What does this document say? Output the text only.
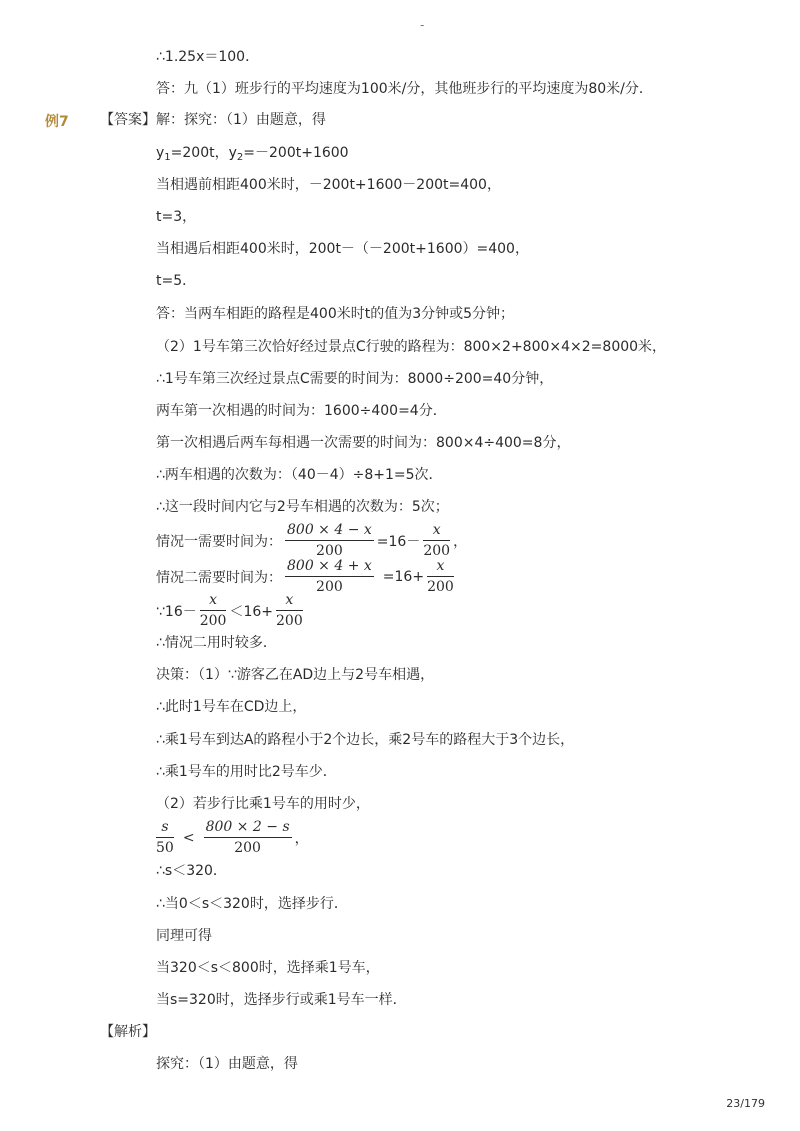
-
∴1.25x＝100．
答：九（1）班步行的平均速度为100米/分，其他班步行的平均速度为80米/分．
例7 【答案】 解：探究：（1）由题意，得
$y_1=200t$，$y_2=-200t+1600$
当相遇前相距400米时，－200t+1600－200t=400，
t=3，
当相遇后相距400米时，200t－（－200t+1600）=400，
t=5．
答：当两车相距的路程是400米时t的值为3分钟或5分钟；
（2）1号车第三次恰好经过景点C行驶的路程为：800×2+800×4×2=8000米，
∴1号车第三次经过景点C需要的时间为：8000÷200=40分钟，
两车第一次相遇的时间为：1600÷400=4分．
第一次相遇后两车每相遇一次需要的时间为：800×4÷400=8分，
∴两车相遇的次数为：（40－4）÷8+1=5次．
∴这一段时间内它与2号车相遇的次数为：5次；
情况一需要时间为： $\frac{800 \times 4 - x}{200} =16- \frac{x}{200}$ ，
情况二需要时间为： $\frac{800 \times 4 + x}{200} =16+ \frac{x}{200}$
∵16－ $\frac{x}{200} <16+ \frac{x}{200}$
∴情况二用时较多．
决策：（1）∵游客乙在AD边上与2号车相遇，
∴此时1号车在CD边上，
∴乘1号车到达A的路程小于2个边长，乘2号车的路程大于3个边长，
∴乘1号车的用时比2号车少．
（2）若步行比乘1号车的用时少，
$\frac{s}{50} < \frac{800 \times 2 - s}{200}$ ，
∴s＜320．
∴当0＜s＜320时，选择步行．
同理可得
当320＜s＜800时，选择乘1号车，
当s=320时，选择步行或乘1号车一样．
【解析】
探究：（1）由题意，得
23/179
